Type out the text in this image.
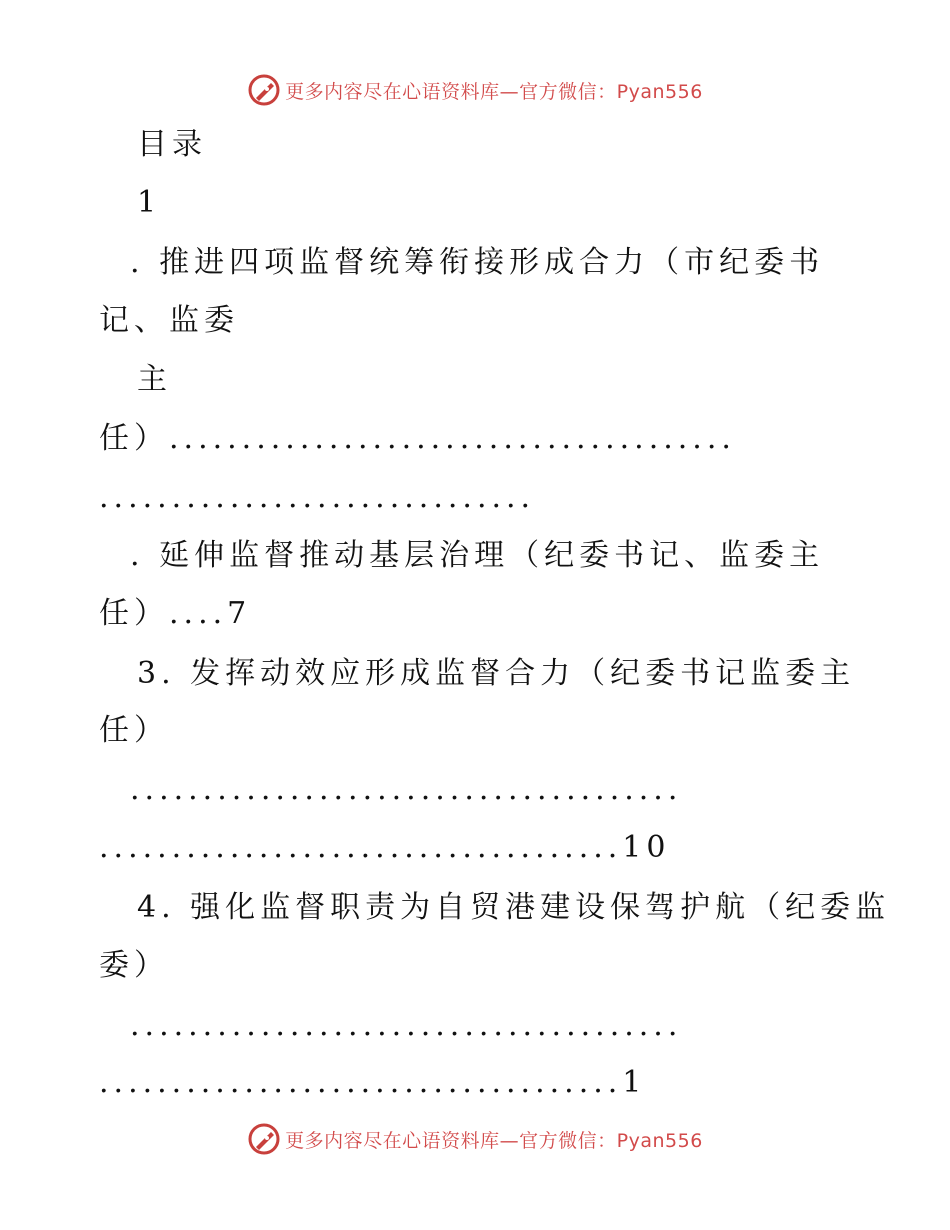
更多内容尽在心语资料库—官方微信：Pyan556
目录
1
. 推进四项监督统筹衔接形成合力（市纪委书
记、监委
主
任）.......................................
..............................
. 延伸监督推动基层治理（纪委书记、监委主
任）....7
3. 发挥动效应形成监督合力（纪委书记监委主
任）
......................................
....................................10
4. 强化监督职责为自贸港建设保驾护航（纪委监
委）
......................................
....................................1
更多内容尽在心语资料库—官方微信：Pyan556
